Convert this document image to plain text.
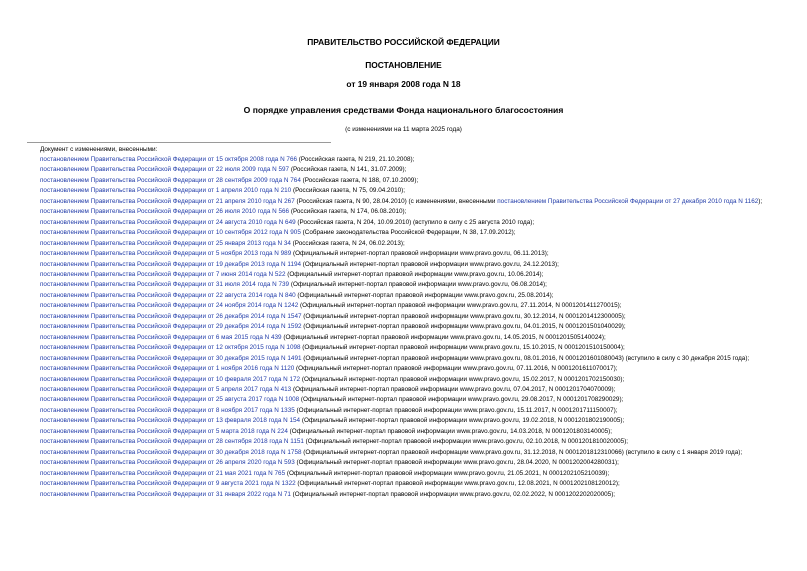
ПРАВИТЕЛЬСТВО РОССИЙСКОЙ ФЕДЕРАЦИИ
ПОСТАНОВЛЕНИЕ
от 19 января 2008 года N 18
О порядке управления средствами Фонда национального благосостояния
(с изменениями на 11 марта 2025 года)
Документ с изменениями, внесенными:
постановлением Правительства Российской Федерации от 15 октября 2008 года N 766 (Российская газета, N 219, 21.10.2008);
постановлением Правительства Российской Федерации от 22 июля 2009 года N 597 (Российская газета, N 141, 31.07.2009);
постановлением Правительства Российской Федерации от 28 сентября 2009 года N 764 (Российская газета, N 188, 07.10.2009);
постановлением Правительства Российской Федерации от 1 апреля 2010 года N 210 (Российская газета, N 75, 09.04.2010);
постановлением Правительства Российской Федерации от 21 апреля 2010 года N 267 (Российская газета, N 90, 28.04.2010) (с изменениями, внесенными постановлением Правительства Российской Федерации от 27 декабря 2010 года N 1162);
постановлением Правительства Российской Федерации от 26 июля 2010 года N 566 (Российская газета, N 174, 06.08.2010);
постановлением Правительства Российской Федерации от 24 августа 2010 года N 649 (Российская газета, N 204, 10.09.2010) (вступило в силу с 25 августа 2010 года);
постановлением Правительства Российской Федерации от 10 сентября 2012 года N 905 (Собрание законодательства Российской Федерации, N 38, 17.09.2012);
постановлением Правительства Российской Федерации от 25 января 2013 года N 34 (Российская газета, N 24, 06.02.2013);
постановлением Правительства Российской Федерации от 5 ноября 2013 года N 989 (Официальный интернет-портал правовой информации www.pravo.gov.ru, 06.11.2013);
постановлением Правительства Российской Федерации от 19 декабря 2013 года N 1194 (Официальный интернет-портал правовой информации www.pravo.gov.ru, 24.12.2013);
постановлением Правительства Российской Федерации от 7 июня 2014 года N 522 (Официальный интернет-портал правовой информации www.pravo.gov.ru, 10.06.2014);
постановлением Правительства Российской Федерации от 31 июля 2014 года N 739 (Официальный интернет-портал правовой информации www.pravo.gov.ru, 06.08.2014);
постановлением Правительства Российской Федерации от 22 августа 2014 года N 840 (Официальный интернет-портал правовой информации www.pravo.gov.ru, 25.08.2014);
постановлением Правительства Российской Федерации от 24 ноября 2014 года N 1242 (Официальный интернет-портал правовой информации www.pravo.gov.ru, 27.11.2014, N 0001201411270015);
постановлением Правительства Российской Федерации от 26 декабря 2014 года N 1547 (Официальный интернет-портал правовой информации www.pravo.gov.ru, 30.12.2014, N 0001201412300005);
постановлением Правительства Российской Федерации от 29 декабря 2014 года N 1592 (Официальный интернет-портал правовой информации www.pravo.gov.ru, 04.01.2015, N 0001201501040029);
постановлением Правительства Российской Федерации от 6 мая 2015 года N 439 (Официальный интернет-портал правовой информации www.pravo.gov.ru, 14.05.2015, N 0001201505140024);
постановлением Правительства Российской Федерации от 12 октября 2015 года N 1098 (Официальный интернет-портал правовой информации www.pravo.gov.ru, 15.10.2015, N 0001201510150004);
постановлением Правительства Российской Федерации от 30 декабря 2015 года N 1491 (Официальный интернет-портал правовой информации www.pravo.gov.ru, 08.01.2016, N 0001201601080043) (вступило в силу с 30 декабря 2015 года);
постановлением Правительства Российской Федерации от 1 ноября 2016 года N 1120 (Официальный интернет-портал правовой информации www.pravo.gov.ru, 07.11.2016, N 0001201611070017);
постановлением Правительства Российской Федерации от 10 февраля 2017 года N 172 (Официальный интернет-портал правовой информации www.pravo.gov.ru, 15.02.2017, N 0001201702150030);
постановлением Правительства Российской Федерации от 5 апреля 2017 года N 413 (Официальный интернет-портал правовой информации www.pravo.gov.ru, 07.04.2017, N 0001201704070009);
постановлением Правительства Российской Федерации от 25 августа 2017 года N 1008 (Официальный интернет-портал правовой информации www.pravo.gov.ru, 29.08.2017, N 0001201708290029);
постановлением Правительства Российской Федерации от 8 ноября 2017 года N 1335 (Официальный интернет-портал правовой информации www.pravo.gov.ru, 15.11.2017, N 0001201711150007);
постановлением Правительства Российской Федерации от 13 февраля 2018 года N 154 (Официальный интернет-портал правовой информации www.pravo.gov.ru, 19.02.2018, N 0001201802190005);
постановлением Правительства Российской Федерации от 5 марта 2018 года N 224 (Официальный интернет-портал правовой информации www.pravo.gov.ru, 14.03.2018, N 0001201803140005);
постановлением Правительства Российской Федерации от 28 сентября 2018 года N 1151 (Официальный интернет-портал правовой информации www.pravo.gov.ru, 02.10.2018, N 0001201810020005);
постановлением Правительства Российской Федерации от 30 декабря 2018 года N 1758 (Официальный интернет-портал правовой информации www.pravo.gov.ru, 31.12.2018, N 0001201812310066) (вступило в силу с 1 января 2019 года);
постановлением Правительства Российской Федерации от 26 апреля 2020 года N 593 (Официальный интернет-портал правовой информации www.pravo.gov.ru, 28.04.2020, N 0001202004280031);
постановлением Правительства Российской Федерации от 21 мая 2021 года N 765 (Официальный интернет-портал правовой информации www.pravo.gov.ru, 21.05.2021, N 0001202105210039);
постановлением Правительства Российской Федерации от 9 августа 2021 года N 1322 (Официальный интернет-портал правовой информации www.pravo.gov.ru, 12.08.2021, N 0001202108120012);
постановлением Правительства Российской Федерации от 31 января 2022 года N 71 (Официальный интернет-портал правовой информации www.pravo.gov.ru, 02.02.2022, N 0001202202020005);
